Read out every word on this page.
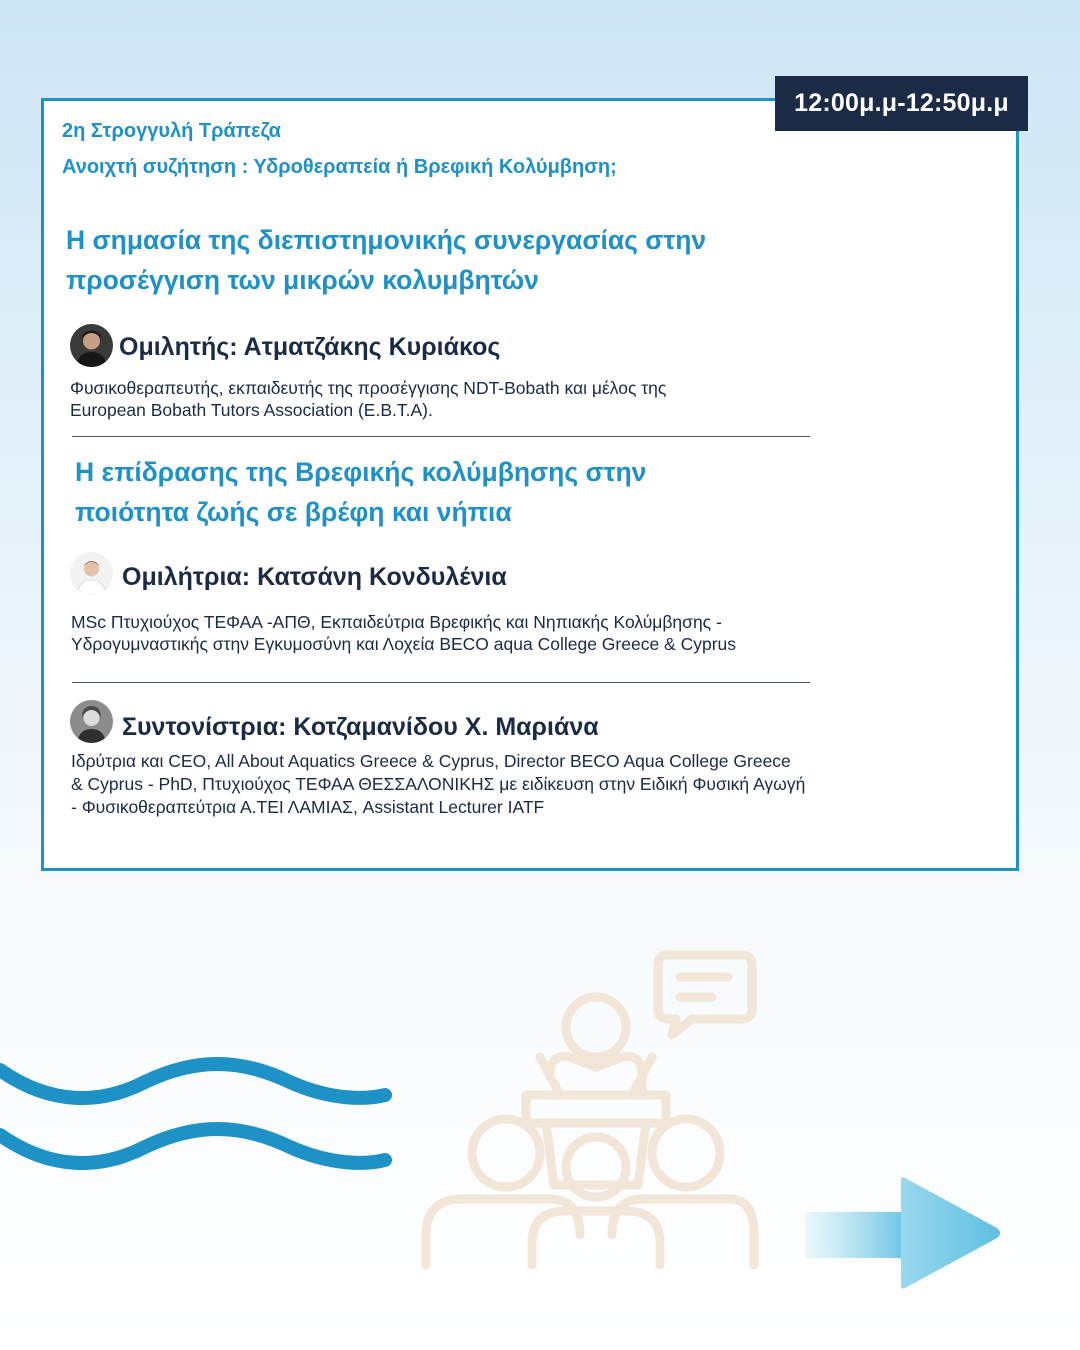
12:00μ.μ-12:50μ.μ
2η Στρογγυλή Τράπεζα
Ανοιχτή συζήτηση : Υδροθεραπεία ή Βρεφική Κολύμβηση;
Η σημασία της διεπιστημονικής συνεργασίας στην
προσέγγιση των μικρών κολυμβητών
Ομιλητής: Ατματζάκης Κυριάκος
Φυσικοθεραπευτής, εκπαιδευτής της προσέγγισης NDT-Bobath και μέλος της
European Bobath Tutors Association (E.B.T.A).
Η επίδρασης της Βρεφικής κολύμβησης στην
ποιότητα ζωής σε βρέφη και νήπια
Ομιλήτρια: Κατσάνη Κονδυλένια
MSc Πτυχιούχος ΤΕΦΑΑ -ΑΠΘ, Εκπαιδεύτρια Βρεφικής και Νηπιακής Κολύμβησης -
Υδρογυμναστικής στην Εγκυμοσύνη και Λοχεία BECO aqua College Greece & Cyprus
Συντονίστρια: Κοτζαμανίδου Χ. Μαριάνα
Ιδρύτρια και CEO, All About Aquatics Greece & Cyprus, Director BECO Aqua College Greece
& Cyprus - PhD, Πτυχιούχος ΤΕΦΑΑ ΘΕΣΣΑΛΟΝΙΚΗΣ με ειδίκευση στην Ειδική Φυσική Αγωγή
- Φυσικοθεραπεύτρια Α.ΤΕΙ ΛΑΜΙΑΣ, Assistant Lecturer IATF
